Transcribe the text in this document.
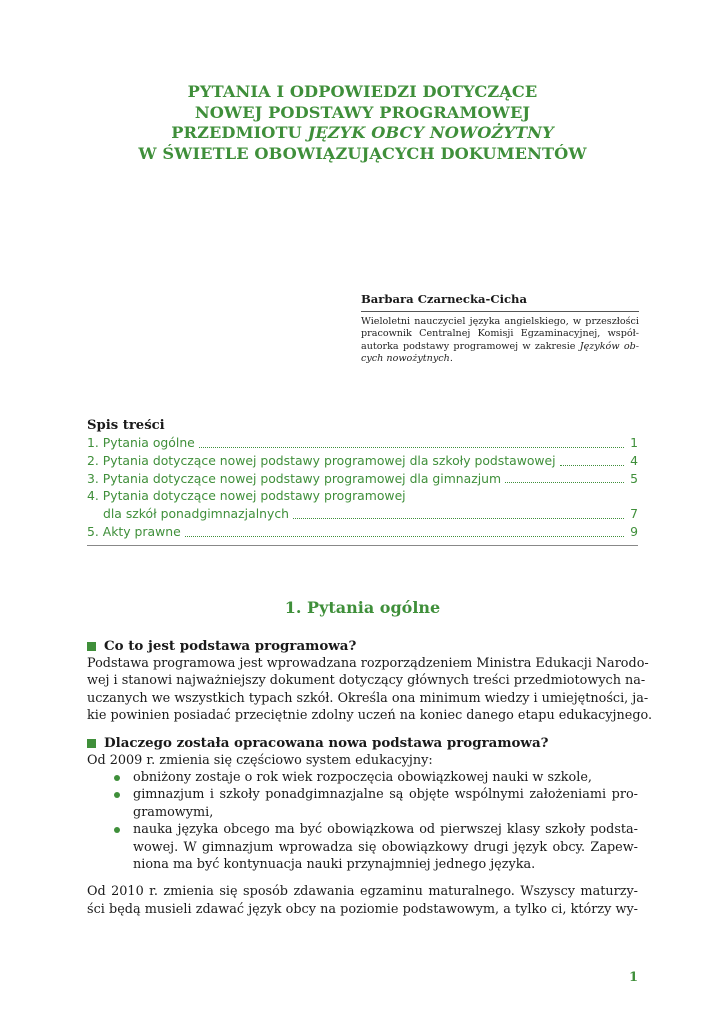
PYTANIA I ODPOWIEDZI DOTYCZĄCE
NOWEJ PODSTAWY PROGRAMOWEJ
PRZEDMIOTU JĘZYK OBCY NOWOŻYTNY
W ŚWIETLE OBOWIĄZUJĄCYCH DOKUMENTÓW
Barbara Czarnecka-Cicha
Wieloletni nauczyciel języka angielskiego, w przeszłości pracownik Centralnej Komisji Egzaminacyjnej, współ- autorka podstawy programowej w zakresie Języków ob- cych nowożytnych.
Spis treści
1. Pytania ogólne	1
2. Pytania dotyczące nowej podstawy programowej dla szkoły podstawowej	4
3. Pytania dotyczące nowej podstawy programowej dla gimnazjum	5
4. Pytania dotyczące nowej podstawy programowej
dla szkół ponadgimnazjalnych	7
5. Akty prawne	9
1. Pytania ogólne
Co to jest podstawa programowa?
Podstawa programowa jest wprowadzana rozporządzeniem Ministra Edukacji Narodo-
wej i stanowi najważniejszy dokument dotyczący głównych treści przedmiotowych na-
uczanych we wszystkich typach szkół. Określa ona minimum wiedzy i umiejętności, ja-
kie powinien posiadać przeciętnie zdolny uczeń na koniec danego etapu edukacyjnego.
Dlaczego została opracowana nowa podstawa programowa?
Od 2009 r. zmienia się częściowo system edukacyjny:
obniżony zostaje o rok wiek rozpoczęcia obowiązkowej nauki w szkole,
gimnazjum i szkoły ponadgimnazjalne są objęte wspólnymi założeniami pro-
gramowymi,
nauka języka obcego ma być obowiązkowa od pierwszej klasy szkoły podsta-
wowej. W gimnazjum wprowadza się obowiązkowy drugi język obcy. Zapew-
niona ma być kontynuacja nauki przynajmniej jednego języka.
Od 2010 r. zmienia się sposób zdawania egzaminu maturalnego. Wszyscy maturzy-
ści będą musieli zdawać język obcy na poziomie podstawowym, a tylko ci, którzy wy-
1
